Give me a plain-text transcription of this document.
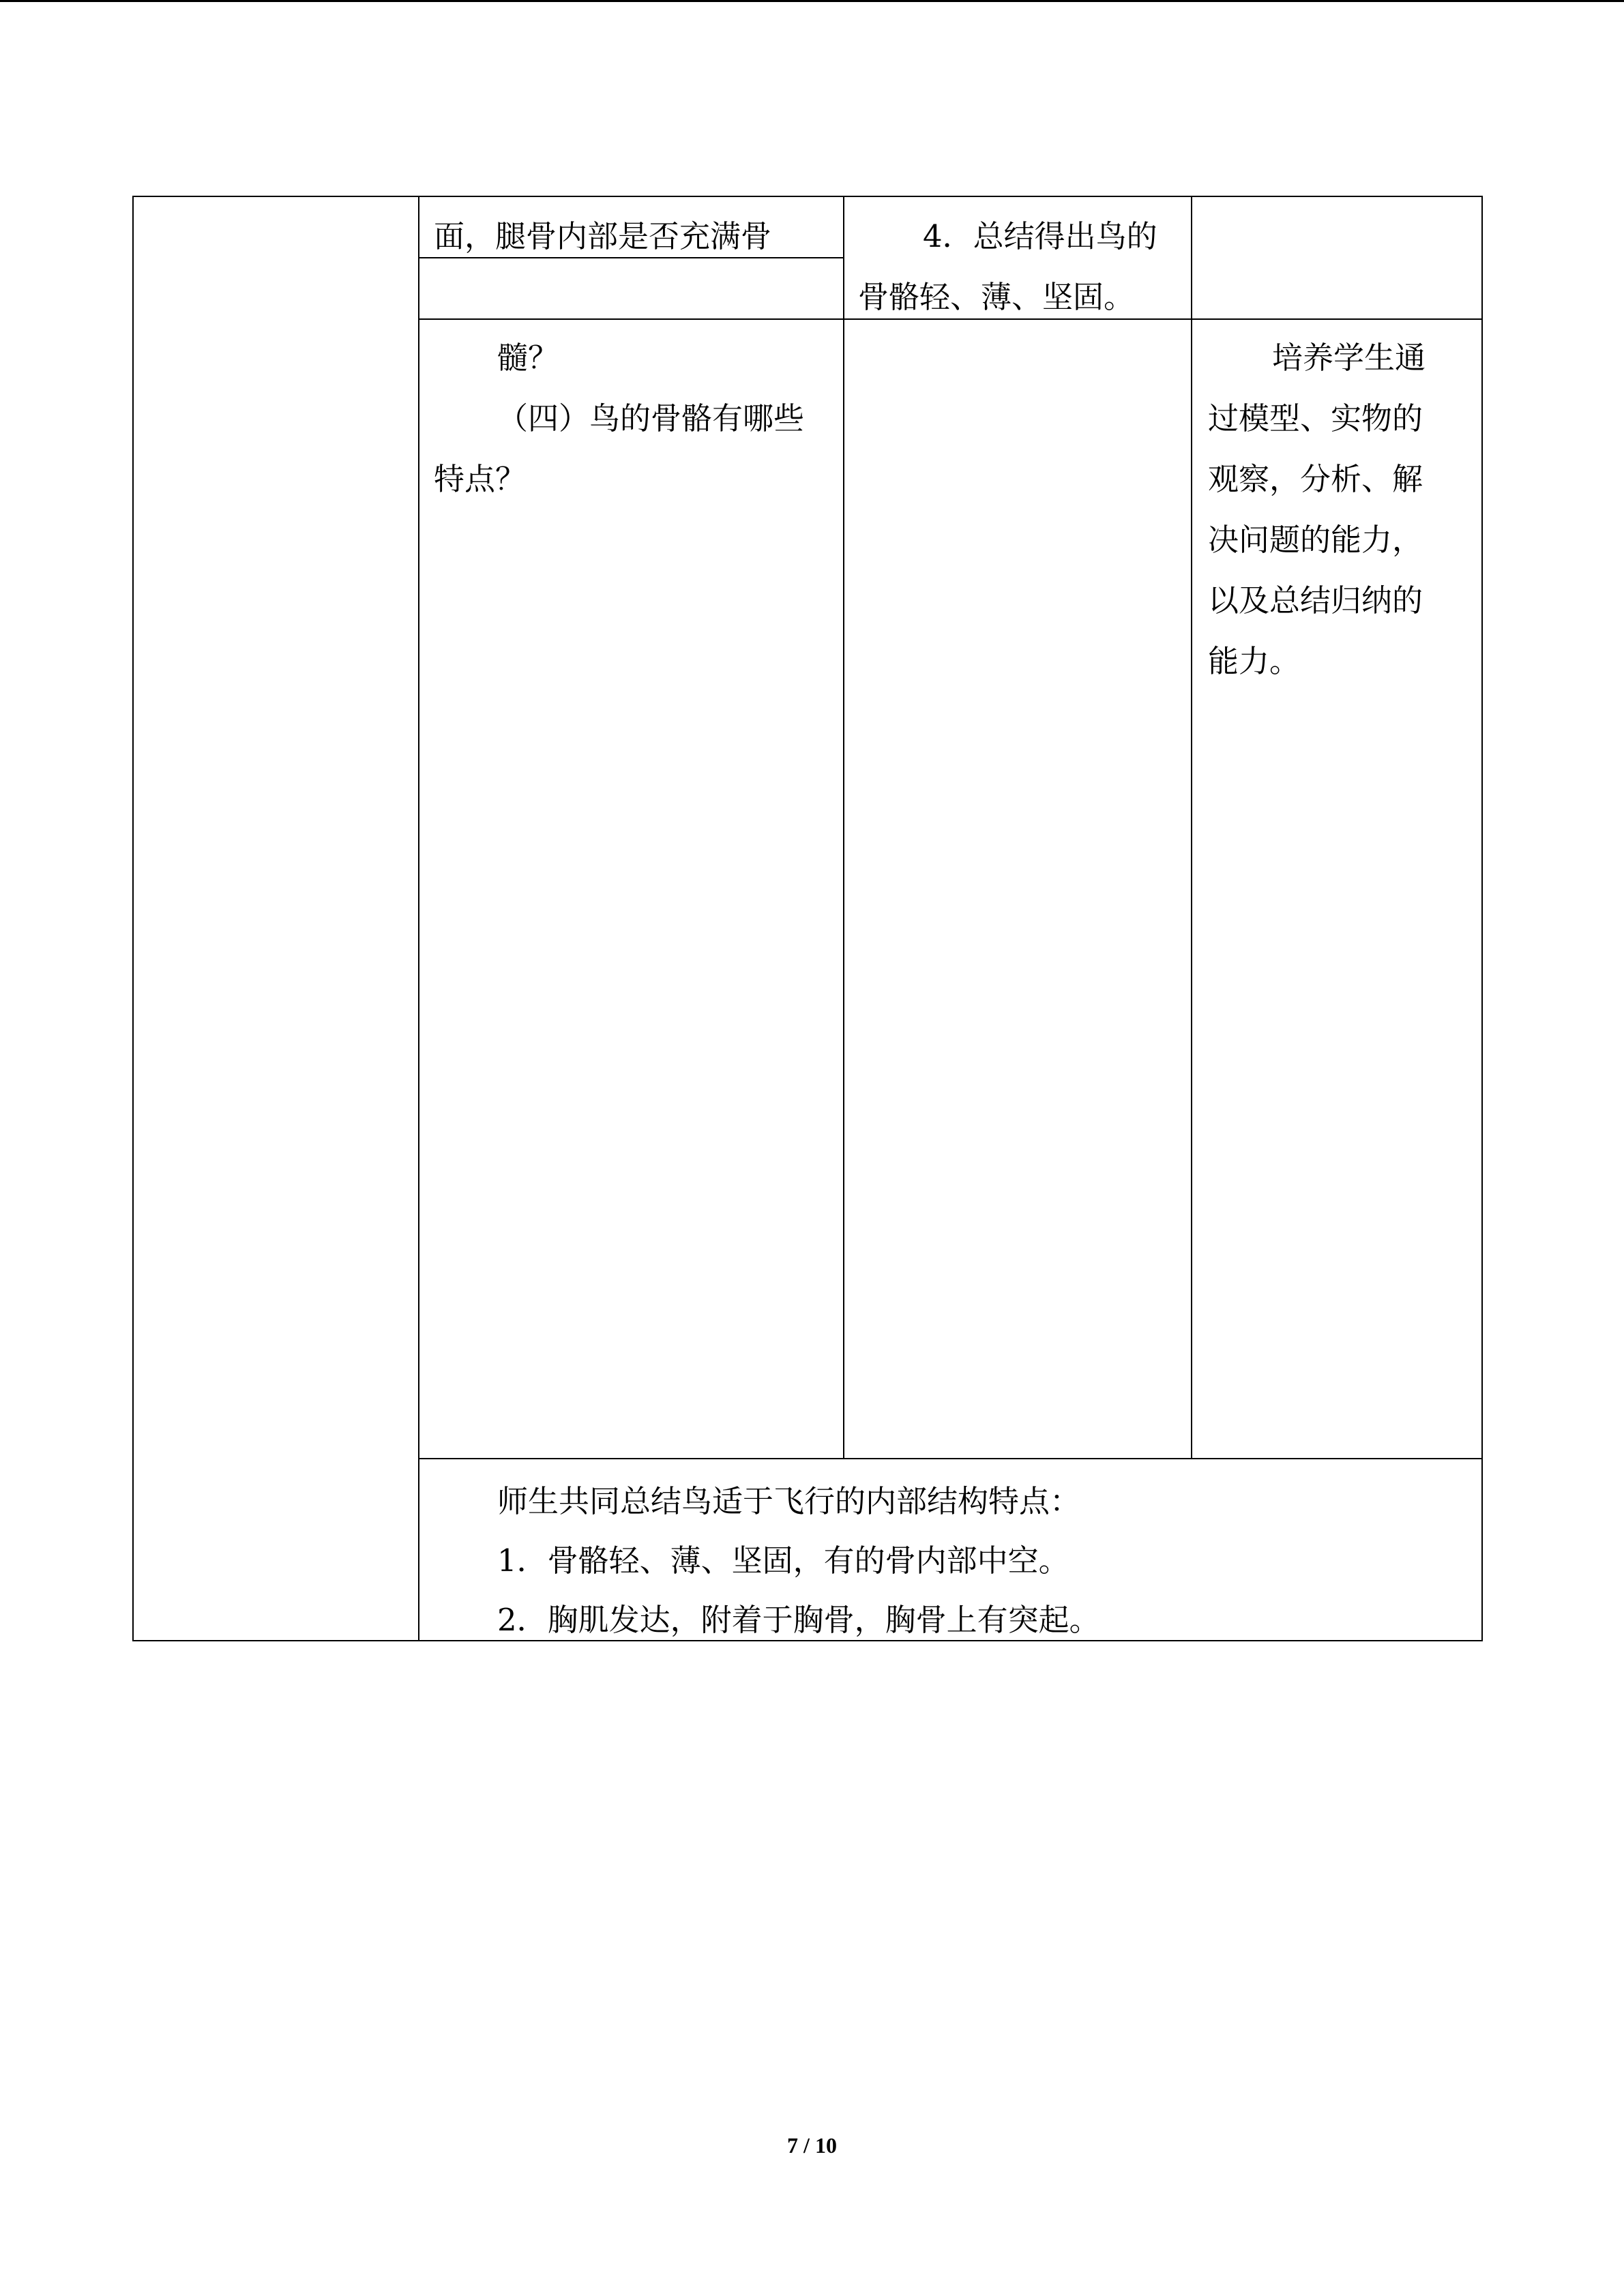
面，腿骨内部是否充满骨	4．总结得出鸟的
骨骼轻、薄、坚固。
髓？
（四）鸟的骨骼有哪些
特点？
培养学生通
过模型、实物的
观察，分析、解
决问题的能力，
以及总结归纳的
能力。
师生共同总结鸟适于飞行的内部结构特点：
1．骨骼轻、薄、坚固，有的骨内部中空。
2．胸肌发达，附着于胸骨，胸骨上有突起。
7 / 10
